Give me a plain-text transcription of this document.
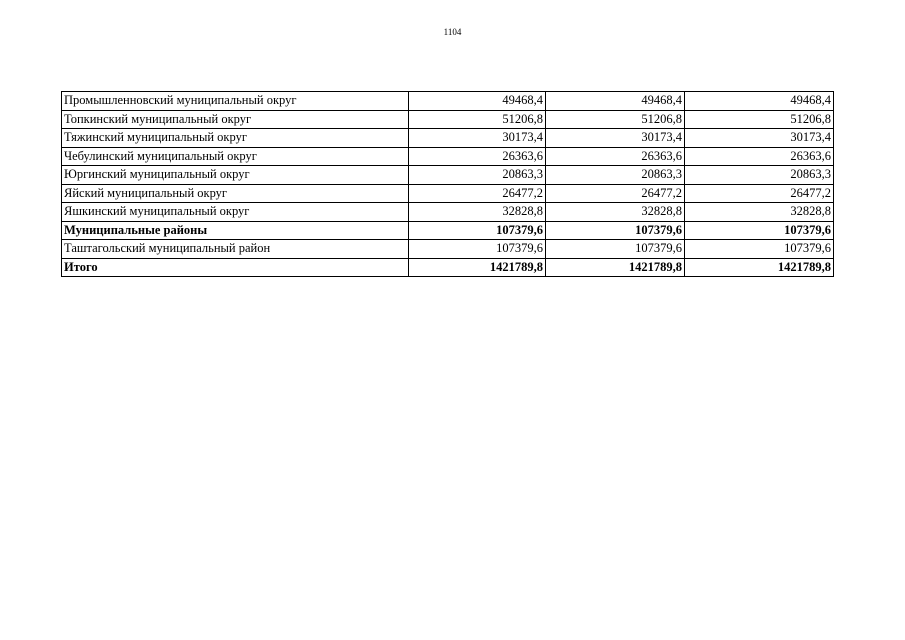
1104
Промышленновский муниципальный округ	49468,4	49468,4	49468,4
Топкинский муниципальный округ	51206,8	51206,8	51206,8
Тяжинский муниципальный округ	30173,4	30173,4	30173,4
Чебулинский муниципальный округ	26363,6	26363,6	26363,6
Юргинский муниципальный округ	20863,3	20863,3	20863,3
Яйский муниципальный округ	26477,2	26477,2	26477,2
Яшкинский муниципальный округ	32828,8	32828,8	32828,8
Муниципальные районы	107379,6	107379,6	107379,6
Таштагольский муниципальный район	107379,6	107379,6	107379,6
Итого	1421789,8	1421789,8	1421789,8
